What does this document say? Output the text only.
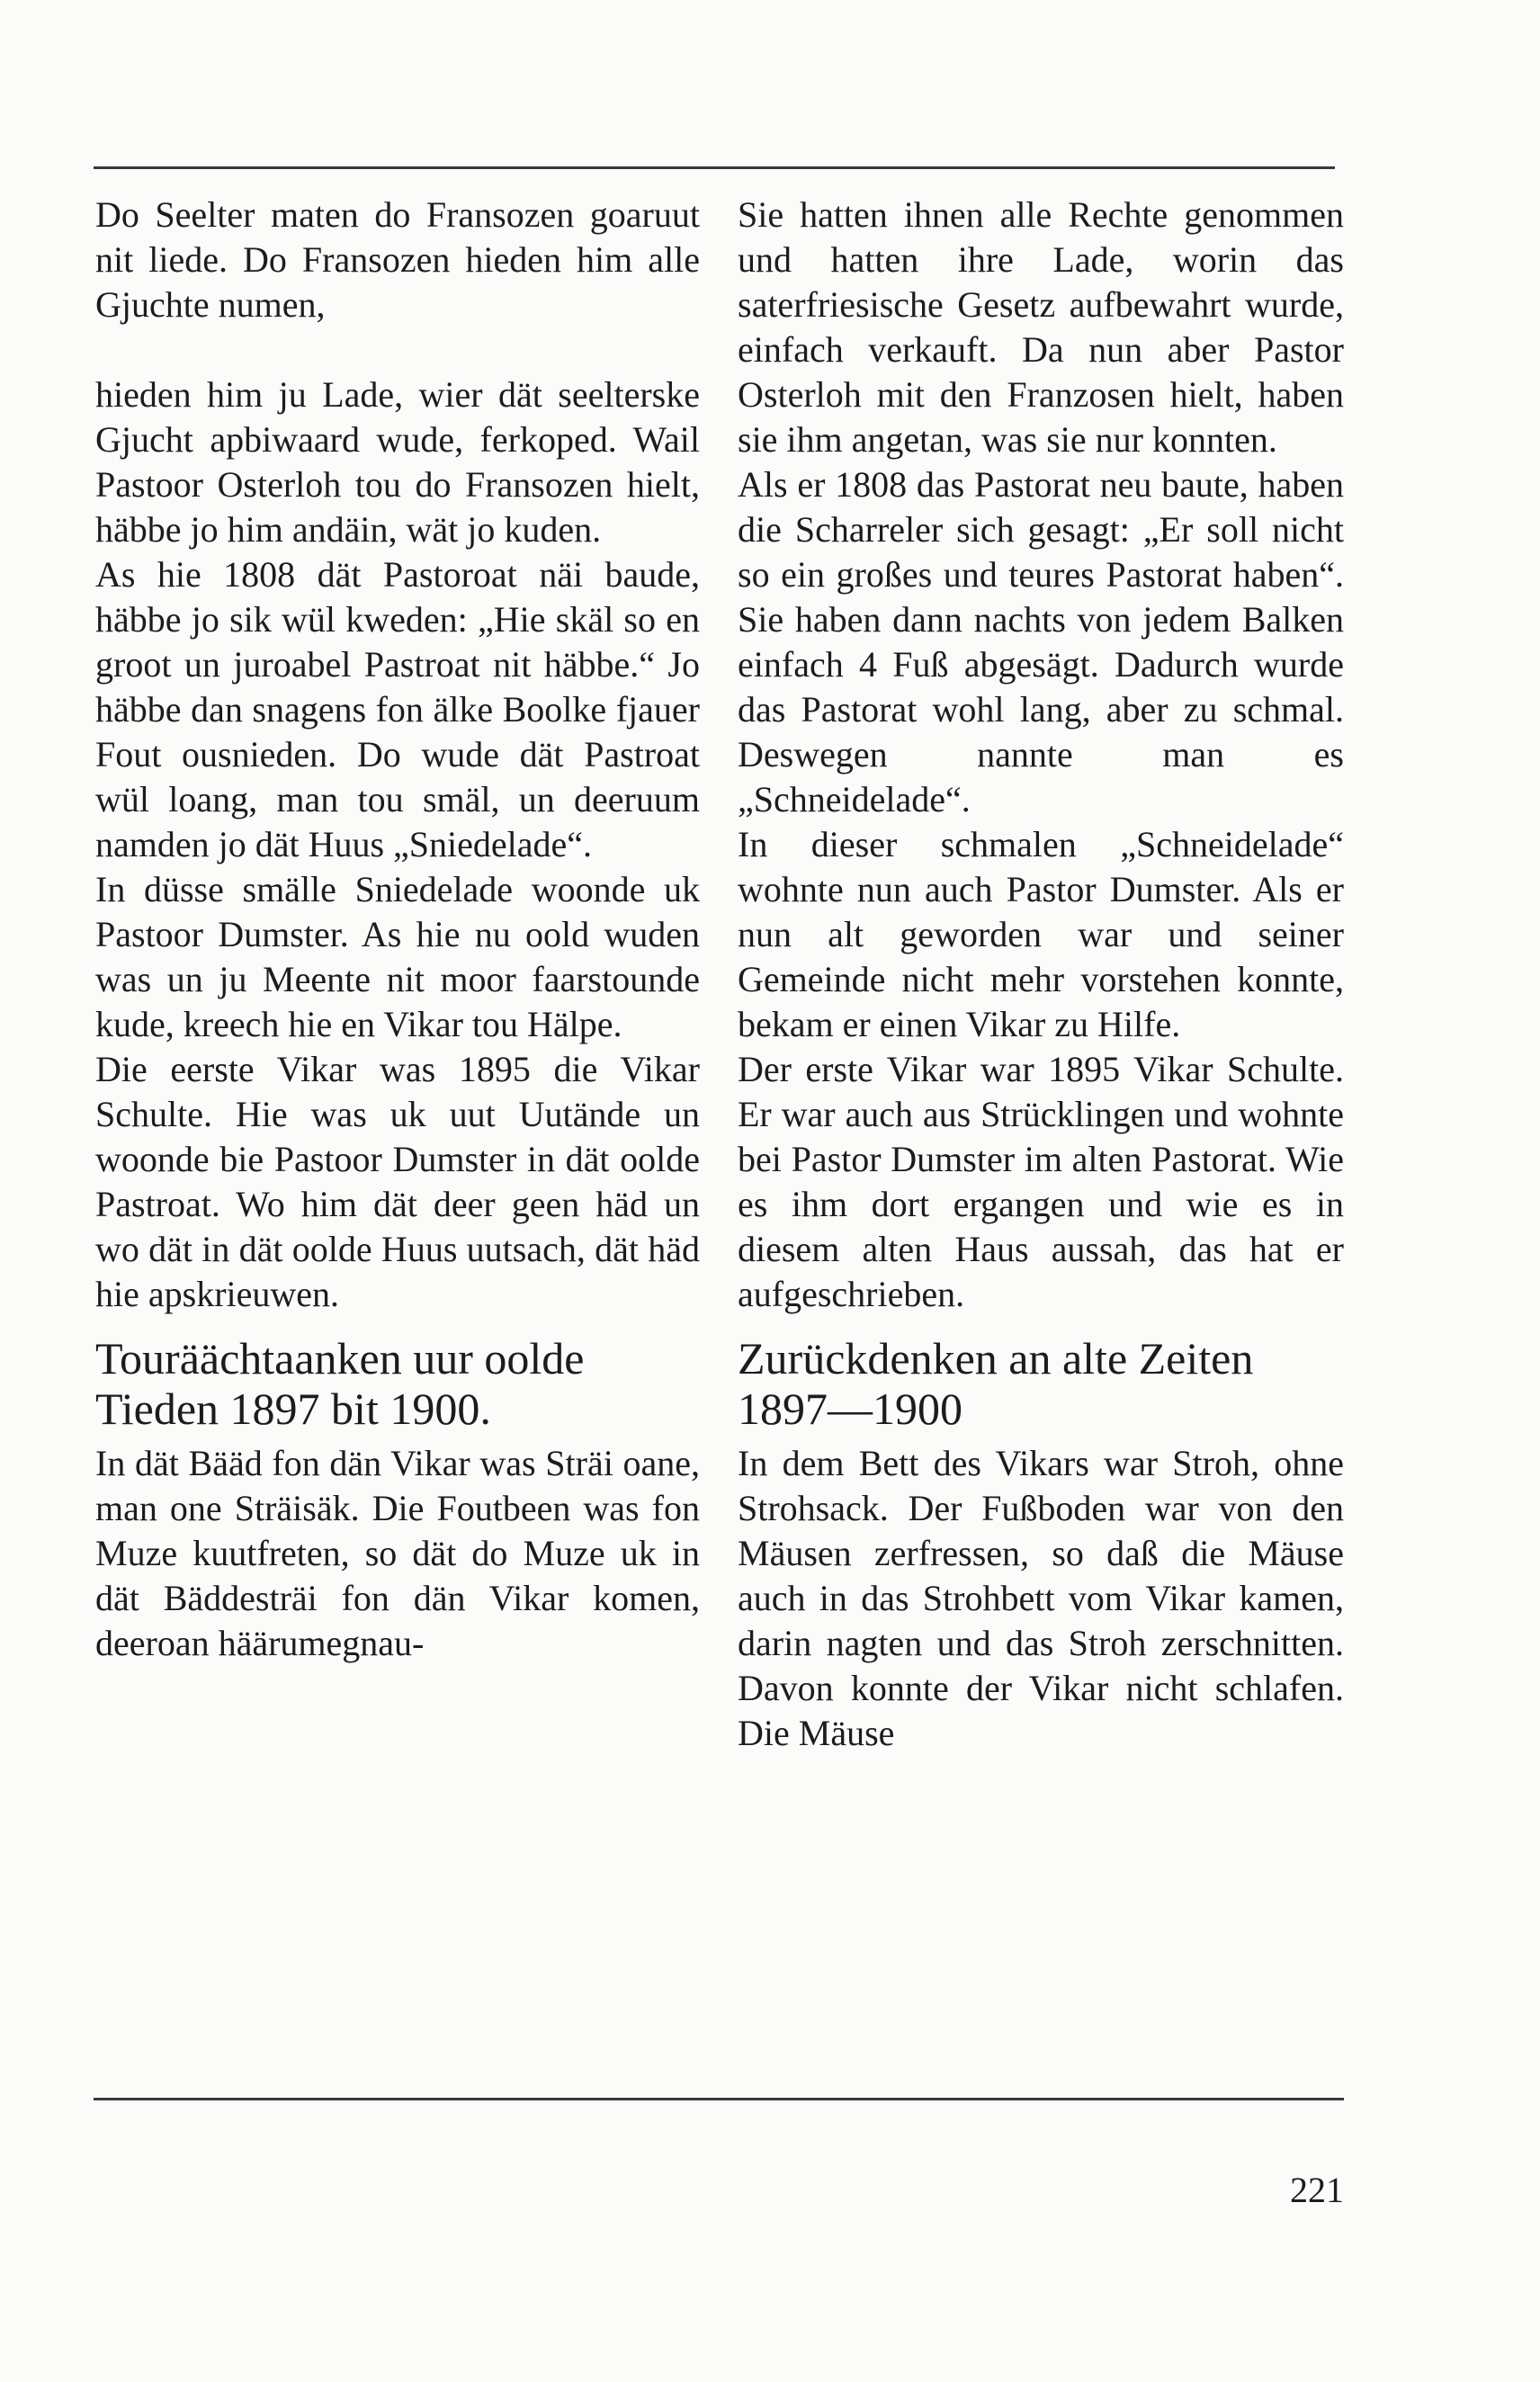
Do Seelter maten do Fransozen goaruut nit liede. Do Fransozen hieden him alle Gjuchte numen,

hieden him ju Lade, wier dät seelterske Gjucht apbiwaard wude, ferkoped. Wail Pastoor Osterloh tou do Fransozen hielt, häbbe jo him andäin, wät jo kuden.

As hie 1808 dät Pastoroat näi baude, häbbe jo sik wül kweden: „Hie skäl so en groot un juroabel Pastroat nit häbbe.“ Jo häbbe dan snagens fon älke Boolke fjauer Fout ousnieden. Do wude dät Pastroat wül loang, man tou smäl, un deeruum namden jo dät Huus „Sniedelade“.

In düsse smälle Sniedelade woonde uk Pastoor Dumster. As hie nu oold wuden was un ju Meente nit moor faarstounde kude, kreech hie en Vikar tou Hälpe.

Die eerste Vikar was 1895 die Vikar Schulte. Hie was uk uut Uutände un woonde bie Pastoor Dumster in dät oolde Pastroat. Wo him dät deer geen häd un wo dät in dät oolde Huus uutsach, dät häd hie apskrieuwen.

Touräächtaanken uur oolde Tieden 1897 bit 1900.

In dät Bääd fon dän Vikar was Sträi oane, man one Sträisäk. Die Foutbeen was fon Muze kuutfreten, so dät do Muze uk in dät Bäddesträi fon dän Vikar komen, deeroan häärumegnau-

Sie hatten ihnen alle Rechte genommen und hatten ihre Lade, worin das saterfriesische Gesetz aufbewahrt wurde, einfach verkauft. Da nun aber Pastor Osterloh mit den Franzosen hielt, haben sie ihm angetan, was sie nur konnten.

Als er 1808 das Pastorat neu baute, haben die Scharreler sich gesagt: „Er soll nicht so ein großes und teures Pastorat haben“. Sie haben dann nachts von jedem Balken einfach 4 Fuß abgesägt. Dadurch wurde das Pastorat wohl lang, aber zu schmal. Deswegen nannte man es „Schneidelade“.

In dieser schmalen „Schneidelade“ wohnte nun auch Pastor Dumster. Als er nun alt geworden war und seiner Gemeinde nicht mehr vorstehen konnte, bekam er einen Vikar zu Hilfe.

Der erste Vikar war 1895 Vikar Schulte. Er war auch aus Strücklingen und wohnte bei Pastor Dumster im alten Pastorat. Wie es ihm dort ergangen und wie es in diesem alten Haus aussah, das hat er aufgeschrieben.

Zurückdenken an alte Zeiten 1897—1900

In dem Bett des Vikars war Stroh, ohne Strohsack. Der Fußboden war von den Mäusen zerfressen, so daß die Mäuse auch in das Strohbett vom Vikar kamen, darin nagten und das Stroh zerschnitten. Davon konnte der Vikar nicht schlafen. Die Mäuse

221
